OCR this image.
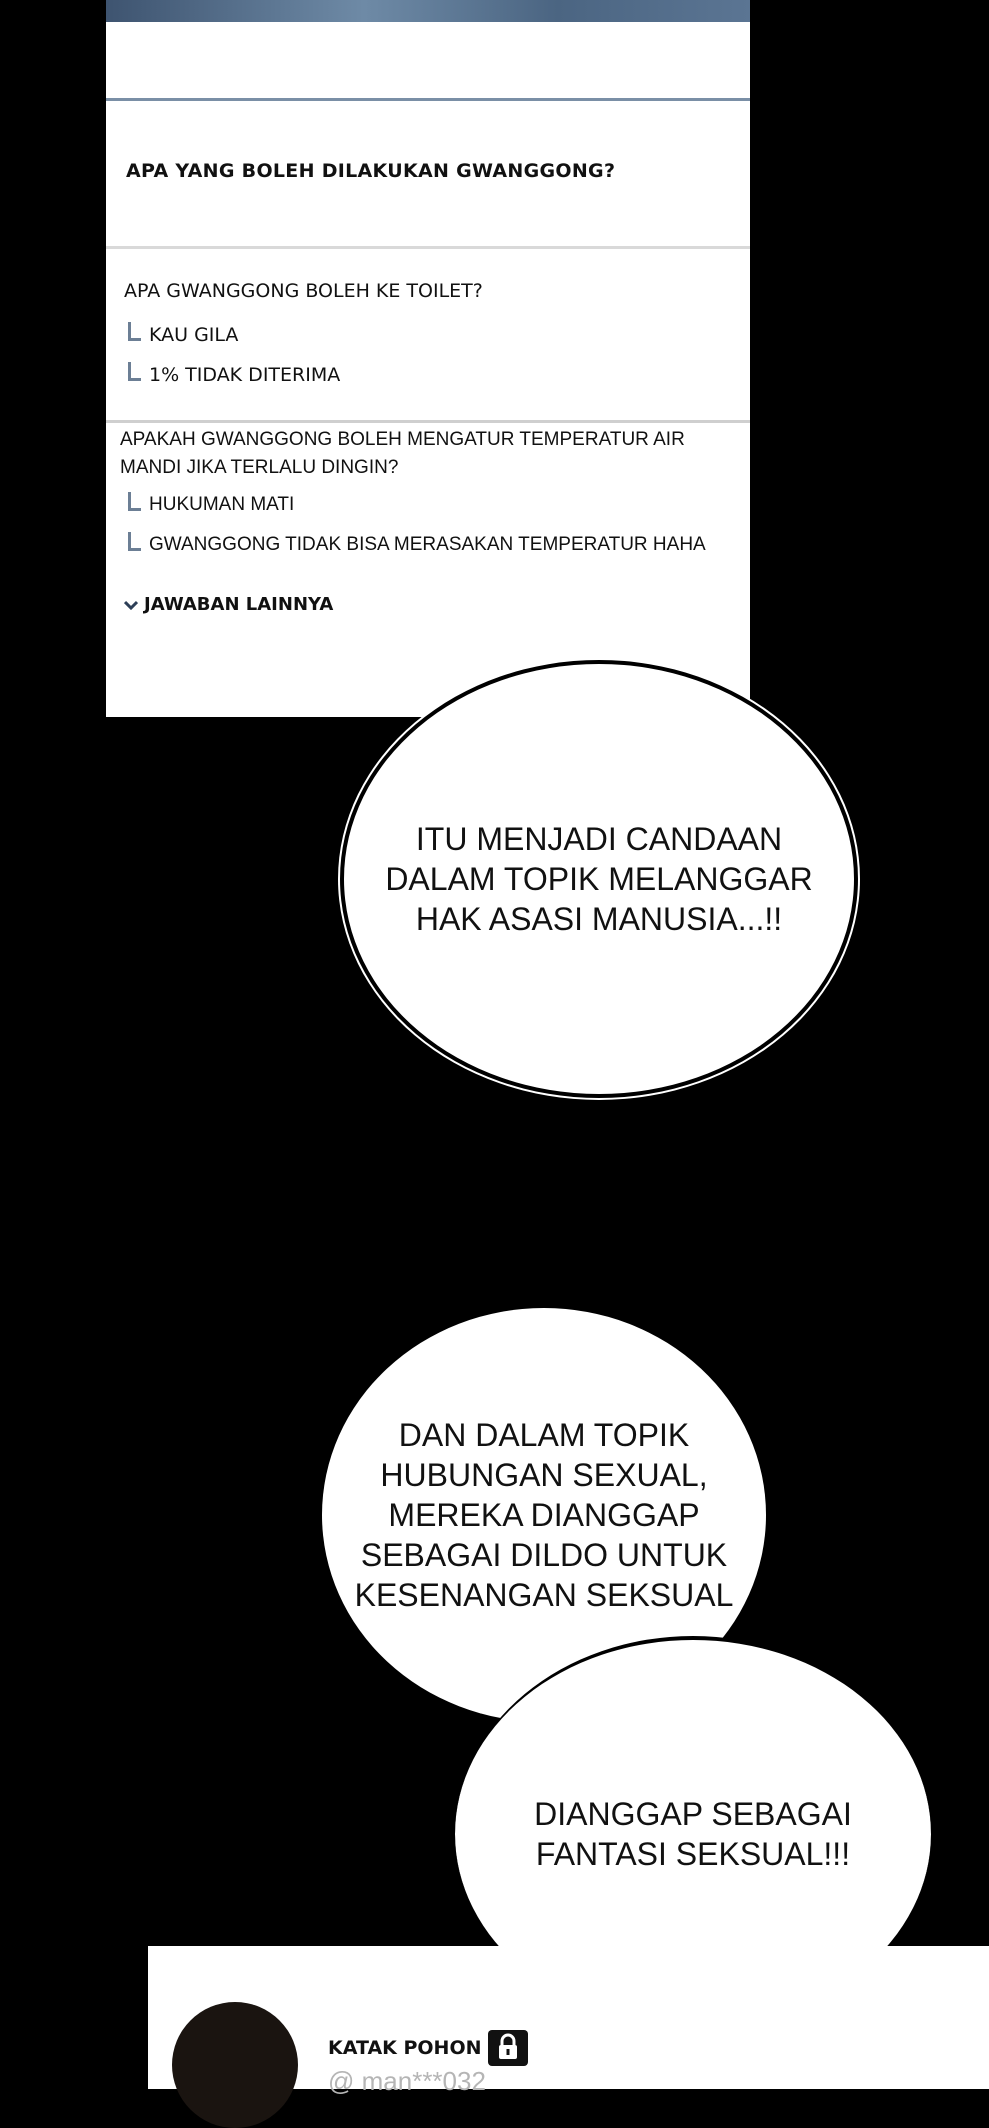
APA YANG BOLEH DILAKUKAN GWANGGONG?
APA GWANGGONG BOLEH KE TOILET?
KAU GILA
1% TIDAK DITERIMA
APAKAH GWANGGONG BOLEH MENGATUR TEMPERATUR AIR MANDI JIKA TERLALU DINGIN?
HUKUMAN MATI
GWANGGONG TIDAK BISA MERASAKAN TEMPERATUR HAHA
JAWABAN LAINNYA
ITU MENJADI CANDAAN DALAM TOPIK MELANGGAR HAK ASASI MANUSIA...!!
DAN DALAM TOPIK HUBUNGAN SEXUAL, MEREKA DIANGGAP SEBAGAI DILDO UNTUK KESENANGAN SEKSUAL
DIANGGAP SEBAGAI FANTASI SEKSUAL!!!
KATAK POHON
@ man***032
